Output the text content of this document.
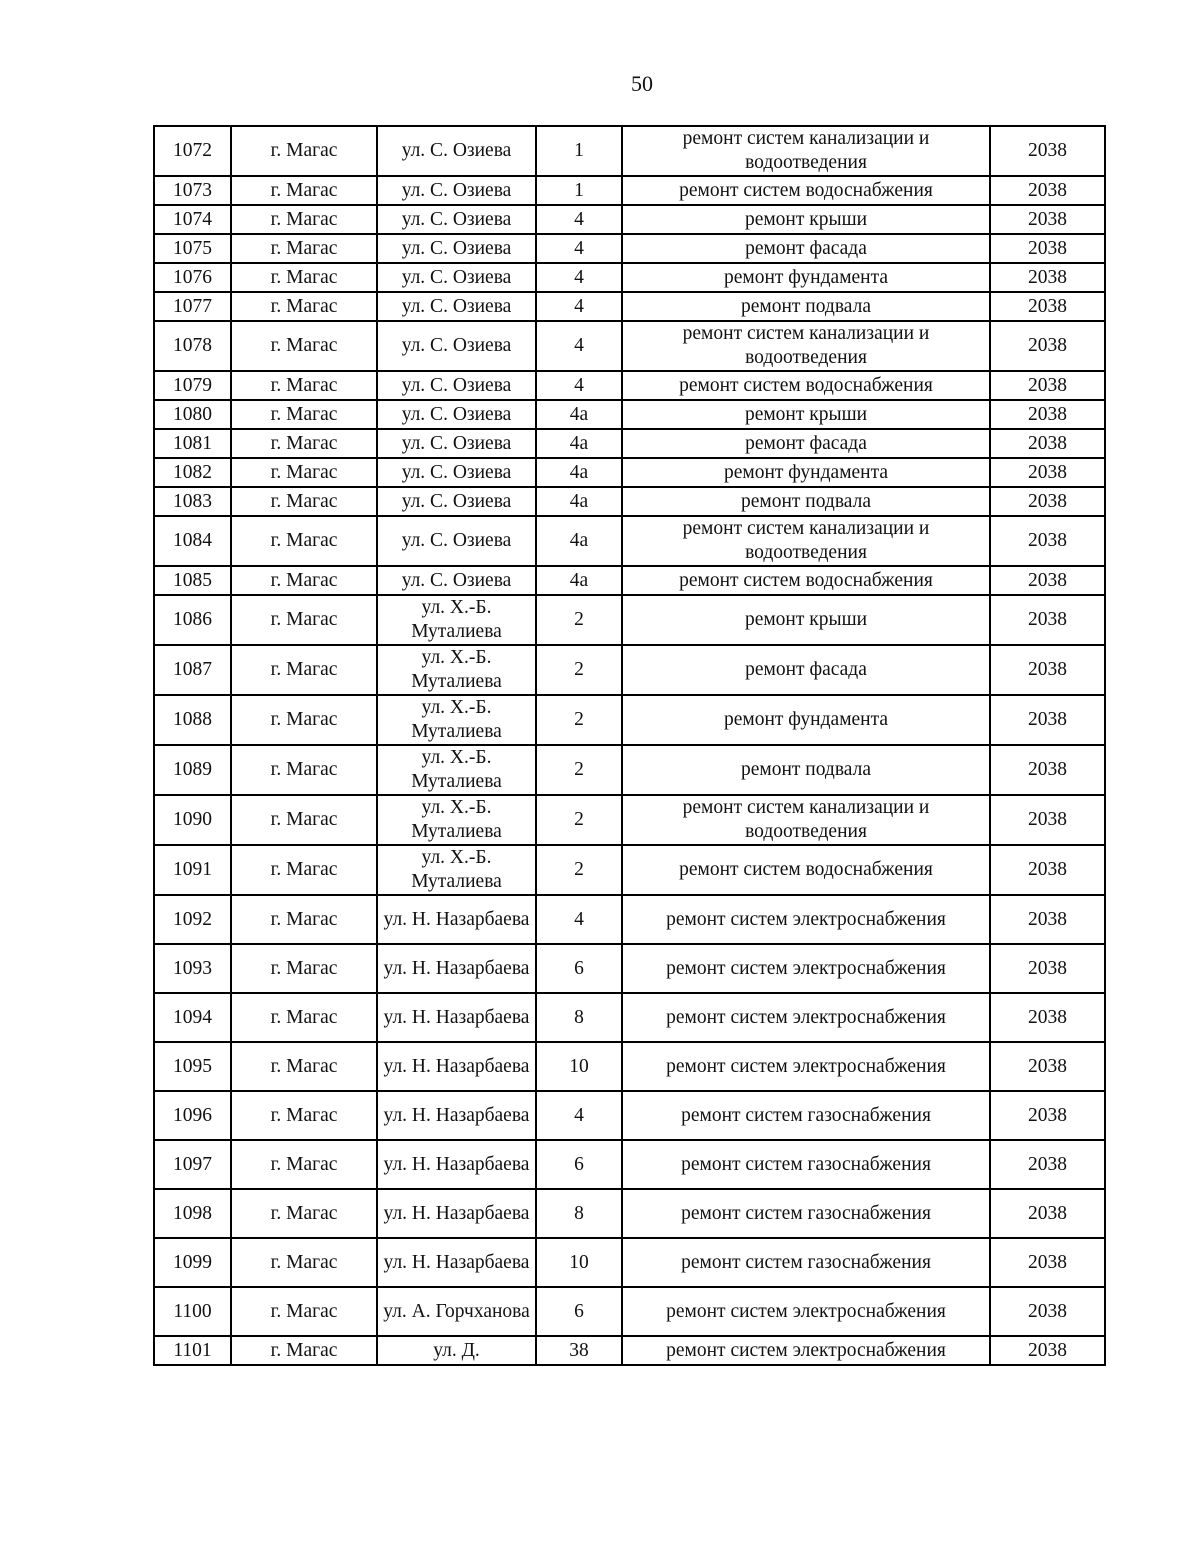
50
1072	г. Магас	ул. С. Озиева	1	ремонт систем канализации и водоотведения	2038
1073	г. Магас	ул. С. Озиева	1	ремонт систем водоснабжения	2038
1074	г. Магас	ул. С. Озиева	4	ремонт крыши	2038
1075	г. Магас	ул. С. Озиева	4	ремонт фасада	2038
1076	г. Магас	ул. С. Озиева	4	ремонт фундамента	2038
1077	г. Магас	ул. С. Озиева	4	ремонт подвала	2038
1078	г. Магас	ул. С. Озиева	4	ремонт систем канализации и водоотведения	2038
1079	г. Магас	ул. С. Озиева	4	ремонт систем водоснабжения	2038
1080	г. Магас	ул. С. Озиева	4а	ремонт крыши	2038
1081	г. Магас	ул. С. Озиева	4а	ремонт фасада	2038
1082	г. Магас	ул. С. Озиева	4а	ремонт фундамента	2038
1083	г. Магас	ул. С. Озиева	4а	ремонт подвала	2038
1084	г. Магас	ул. С. Озиева	4а	ремонт систем канализации и водоотведения	2038
1085	г. Магас	ул. С. Озиева	4а	ремонт систем водоснабжения	2038
1086	г. Магас	ул. Х.-Б. Муталиева	2	ремонт крыши	2038
1087	г. Магас	ул. Х.-Б. Муталиева	2	ремонт фасада	2038
1088	г. Магас	ул. Х.-Б. Муталиева	2	ремонт фундамента	2038
1089	г. Магас	ул. Х.-Б. Муталиева	2	ремонт подвала	2038
1090	г. Магас	ул. Х.-Б. Муталиева	2	ремонт систем канализации и водоотведения	2038
1091	г. Магас	ул. Х.-Б. Муталиева	2	ремонт систем водоснабжения	2038
1092	г. Магас	ул. Н. Назарбаева	4	ремонт систем электроснабжения	2038
1093	г. Магас	ул. Н. Назарбаева	6	ремонт систем электроснабжения	2038
1094	г. Магас	ул. Н. Назарбаева	8	ремонт систем электроснабжения	2038
1095	г. Магас	ул. Н. Назарбаева	10	ремонт систем электроснабжения	2038
1096	г. Магас	ул. Н. Назарбаева	4	ремонт систем газоснабжения	2038
1097	г. Магас	ул. Н. Назарбаева	6	ремонт систем газоснабжения	2038
1098	г. Магас	ул. Н. Назарбаева	8	ремонт систем газоснабжения	2038
1099	г. Магас	ул. Н. Назарбаева	10	ремонт систем газоснабжения	2038
1100	г. Магас	ул. А. Горчханова	6	ремонт систем электроснабжения	2038
1101	г. Магас	ул. Д.	38	ремонт систем электроснабжения	2038
